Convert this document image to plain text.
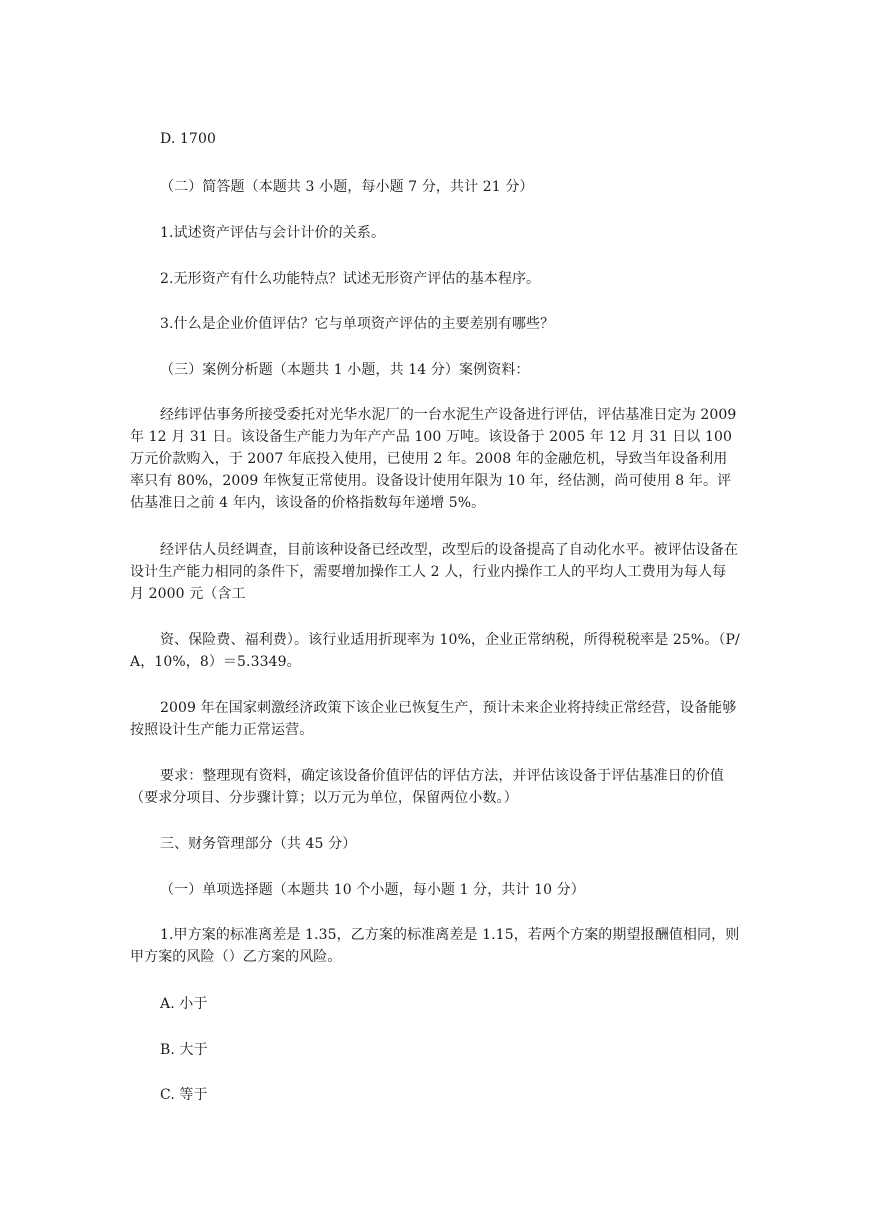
D. 1700

（二）简答题（本题共 3 小题，每小题 7 分，共计 21 分）

1.试述资产评估与会计计价的关系。

2.无形资产有什么功能特点？试述无形资产评估的基本程序。

3.什么是企业价值评估？它与单项资产评估的主要差别有哪些？

（三）案例分析题（本题共 1 小题，共 14 分）案例资料：

经纬评估事务所接受委托对光华水泥厂的一台水泥生产设备进行评估，评估基准日定为 2009 年 12 月 31 日。该设备生产能力为年产产品 100 万吨。该设备于 2005 年 12 月 31 日以 100 万元价款购入，于 2007 年底投入使用，已使用 2 年。2008 年的金融危机，导致当年设备利用率只有 80%，2009 年恢复正常使用。设备设计使用年限为 10 年，经估测，尚可使用 8 年。评估基准日之前 4 年内，该设备的价格指数每年递增 5%。

经评估人员经调查，目前该种设备已经改型，改型后的设备提高了自动化水平。被评估设备在设计生产能力相同的条件下，需要增加操作工人 2 人，行业内操作工人的平均人工费用为每人每月 2000 元（含工

资、保险费、福利费）。该行业适用折现率为 10%，企业正常纳税，所得税税率是 25%。（P/A，10%，8）＝5.3349。

2009 年在国家刺激经济政策下该企业已恢复生产，预计未来企业将持续正常经营，设备能够按照设计生产能力正常运营。

要求：整理现有资料，确定该设备价值评估的评估方法，并评估该设备于评估基准日的价值（要求分项目、分步骤计算；以万元为单位，保留两位小数。）

三、财务管理部分（共 45 分）

（一）单项选择题（本题共 10 个小题，每小题 1 分，共计 10 分）

1.甲方案的标准离差是 1.35，乙方案的标准离差是 1.15，若两个方案的期望报酬值相同，则甲方案的风险（）乙方案的风险。

A. 小于

B. 大于

C. 等于
